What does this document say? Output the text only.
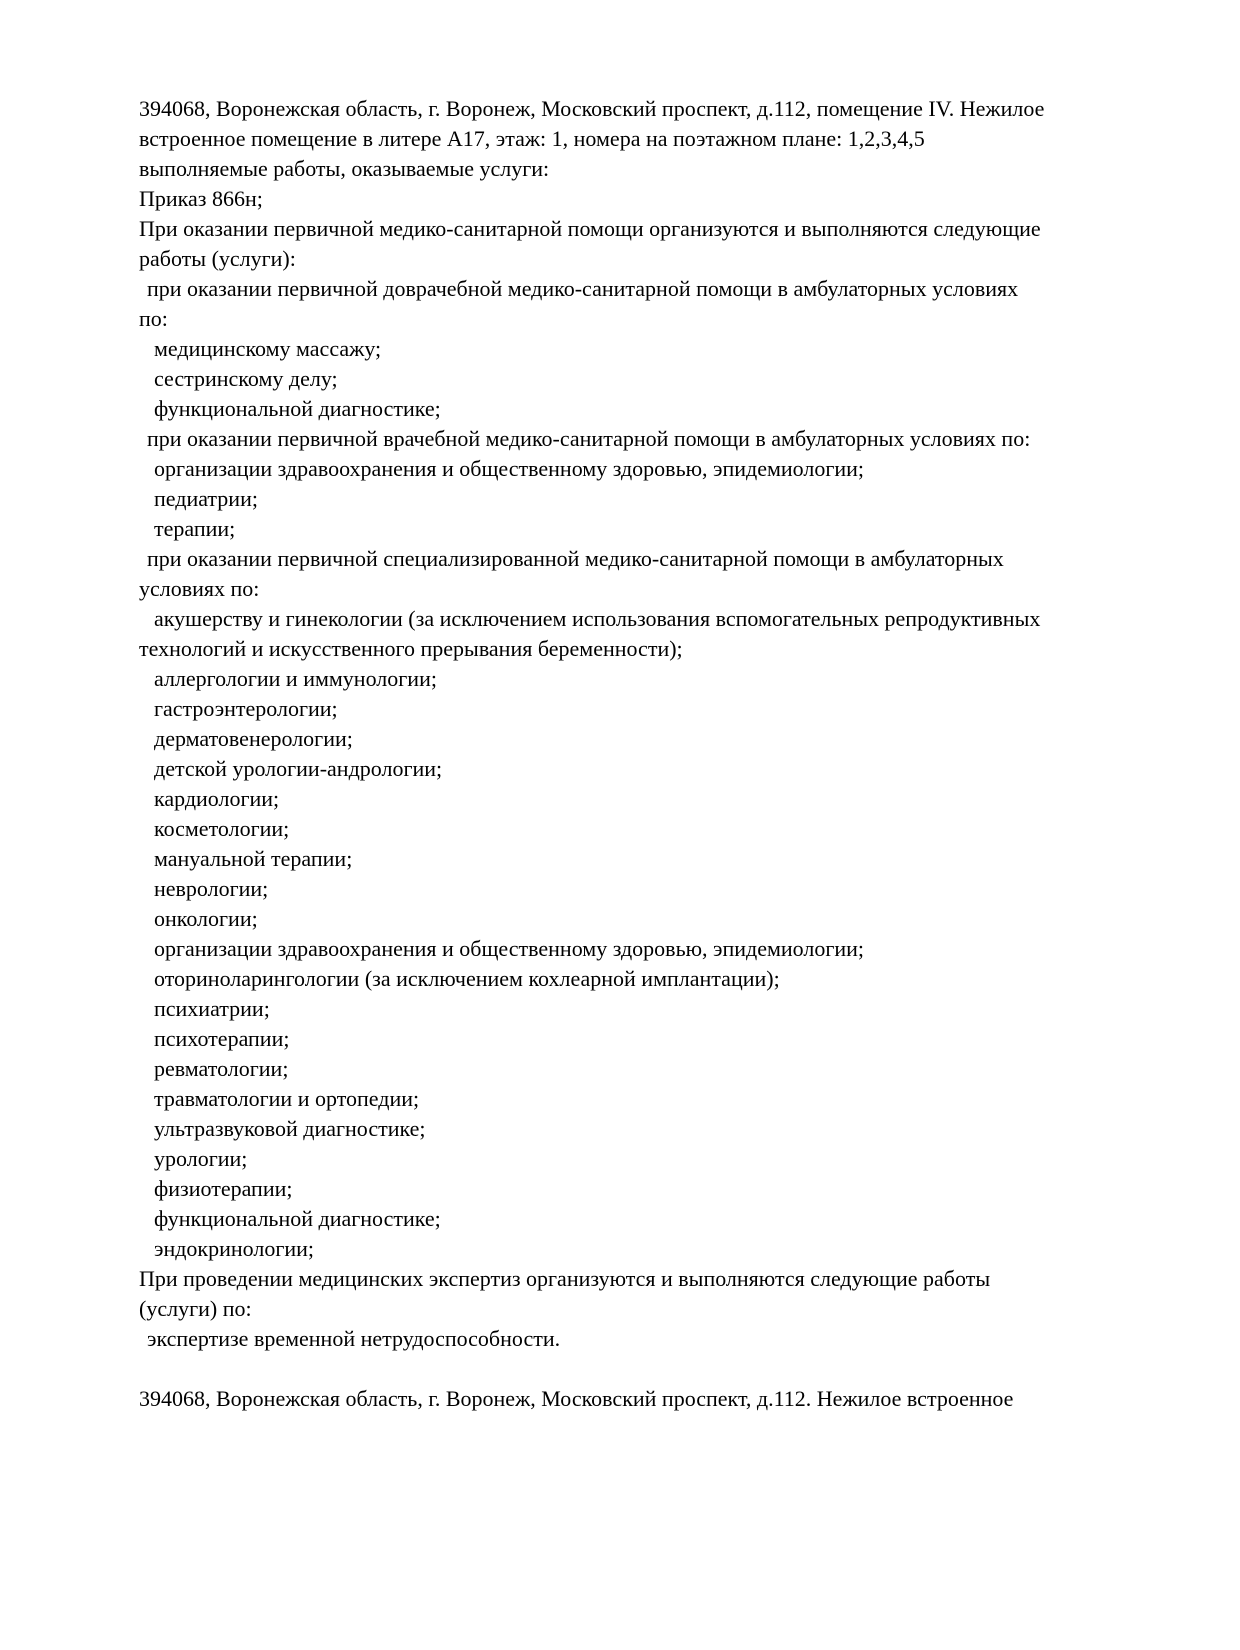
394068, Воронежская область, г. Воронеж, Московский проспект, д.112, помещение IV. Нежилое
встроенное помещение в литере А17, этаж: 1, номера на поэтажном плане: 1,2,3,4,5
выполняемые работы, оказываемые услуги:
Приказ 866н;
При оказании первичной медико-санитарной помощи организуются и выполняются следующие
работы (услуги):
при оказании первичной доврачебной медико-санитарной помощи в амбулаторных условиях
по:
медицинскому массажу;
сестринскому делу;
функциональной диагностике;
при оказании первичной врачебной медико-санитарной помощи в амбулаторных условиях по:
организации здравоохранения и общественному здоровью, эпидемиологии;
педиатрии;
терапии;
при оказании первичной специализированной медико-санитарной помощи в амбулаторных
условиях по:
акушерству и гинекологии (за исключением использования вспомогательных репродуктивных
технологий и искусственного прерывания беременности);
аллергологии и иммунологии;
гастроэнтерологии;
дерматовенерологии;
детской урологии-андрологии;
кардиологии;
косметологии;
мануальной терапии;
неврологии;
онкологии;
организации здравоохранения и общественному здоровью, эпидемиологии;
оториноларингологии (за исключением кохлеарной имплантации);
психиатрии;
психотерапии;
ревматологии;
травматологии и ортопедии;
ультразвуковой диагностике;
урологии;
физиотерапии;
функциональной диагностике;
эндокринологии;
При проведении медицинских экспертиз организуются и выполняются следующие работы
(услуги) по:
экспертизе временной нетрудоспособности.

394068, Воронежская область, г. Воронеж, Московский проспект, д.112. Нежилое встроенное
